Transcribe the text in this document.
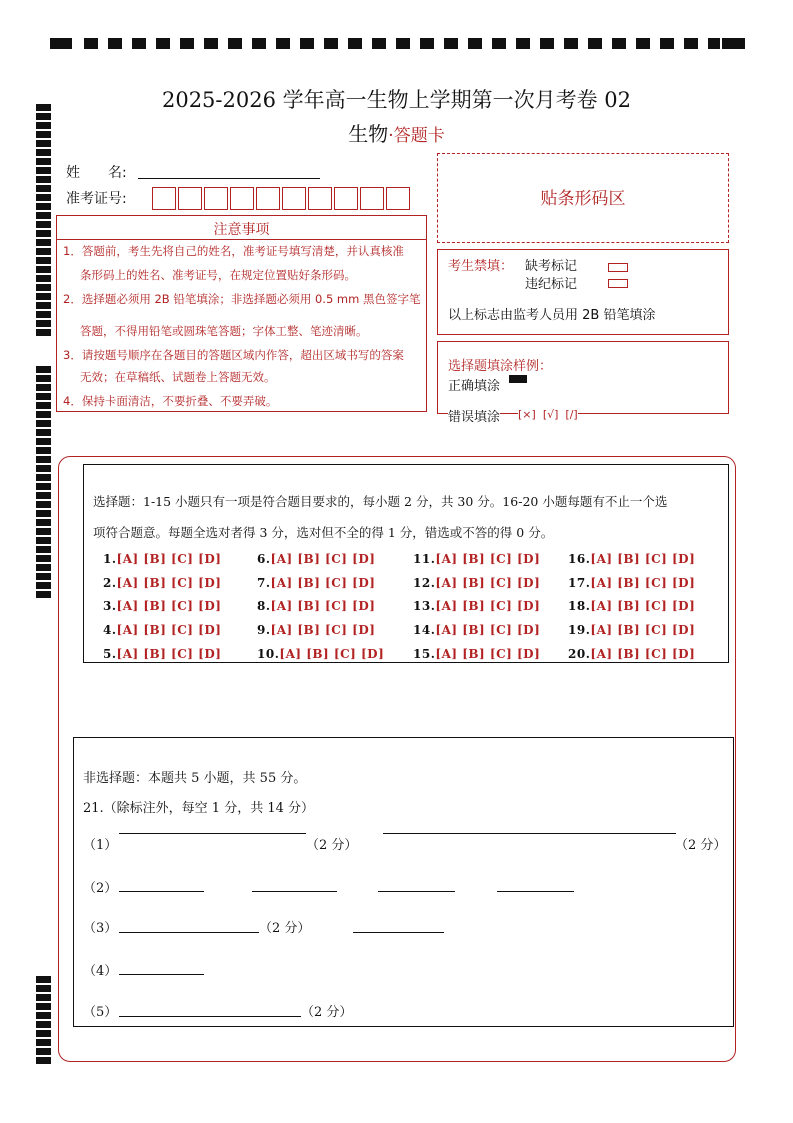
2025-2026 学年高一生物上学期第一次月考卷 02
生物·答题卡
姓　　名:
准考证号:	贴条形码区
注意事项

1．答题前，考生先将自己的姓名，准考证号填写清楚，并认真核准

条形码上的姓名、准考证号，在规定位置贴好条形码。

2．选择题必须用 2B 铅笔填涂；非选择题必须用 0.5 mm 黑色签字笔

答题，不得用铅笔或圆珠笔答题；字体工整、笔迹清晰。

3．请按题号顺序在各题目的答题区域内作答，超出区域书写的答案

无效；在草稿纸、试题卷上答题无效。

4．保持卡面清洁，不要折叠、不要弄破。

考生禁填： 缺考标记
违纪标记
以上标志由监考人员用 2B 铅笔填涂
选择题填涂样例：
正确填涂
错误填涂 [×] [√] [∕]
选择题：1-15 小题只有一项是符合题目要求的，每小题 2 分，共 30 分。16-20 小题每题有不止一个选
项符合题意。每题全选对者得 3 分，选对但不全的得 1 分，错选或不答的得 0 分。
1.[A] [B] [C] [D]
2.[A] [B] [C] [D]
3.[A] [B] [C] [D]
4.[A] [B] [C] [D]
5.[A] [B] [C] [D]
6.[A] [B] [C] [D]
7.[A] [B] [C] [D]
8.[A] [B] [C] [D]
9.[A] [B] [C] [D]
10.[A] [B] [C] [D]
11.[A] [B] [C] [D]
12.[A] [B] [C] [D]
13.[A] [B] [C] [D]
14.[A] [B] [C] [D]
15.[A] [B] [C] [D]
16.[A] [B] [C] [D]
17.[A] [B] [C] [D]
18.[A] [B] [C] [D]
19.[A] [B] [C] [D]
20.[A] [B] [C] [D]
非选择题：本题共 5 小题，共 55 分。
21.（除标注外，每空 1 分，共 14 分）
（1）	（2 分）	（2 分）
（2）
（3）	（2 分）
（4）
（5）	（2 分）
